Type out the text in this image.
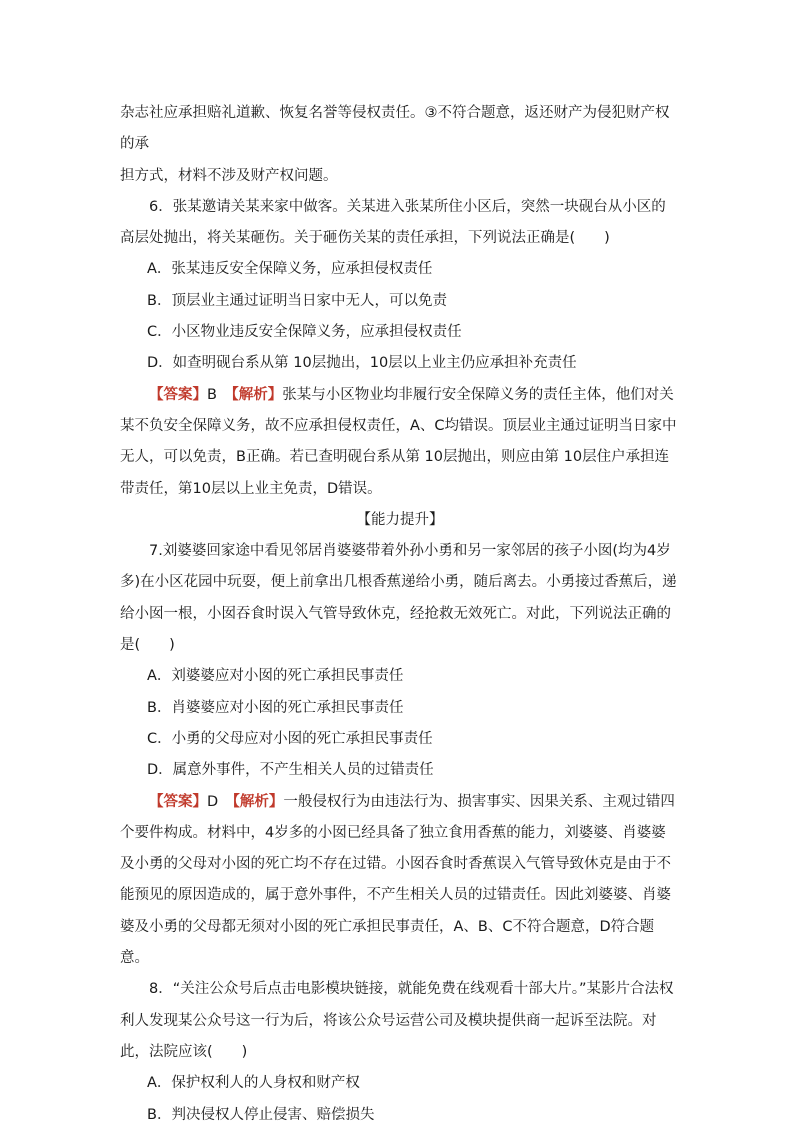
杂志社应承担赔礼道歉、恢复名誉等侵权责任。③不符合题意，返还财产为侵犯财产权的承

担方式，材料不涉及财产权问题。

6．张某邀请关某来家中做客。关某进入张某所住小区后，突然一块砚台从小区的高层处抛出，将关某砸伤。关于砸伤关某的责任承担，下列说法正确是(　　)

A．张某违反安全保障义务，应承担侵权责任

B．顶层业主通过证明当日家中无人，可以免责

C．小区物业违反安全保障义务，应承担侵权责任

D．如查明砚台系从第 10层抛出，10层以上业主仍应承担补充责任

【答案】B　 【解析】张某与小区物业均非履行安全保障义务的责任主体，他们对关某不负安全保障义务，故不应承担侵权责任，A、C均错误。顶层业主通过证明当日家中无人，可以免责，B正确。若已查明砚台系从第 10层抛出，则应由第 10层住户承担连带责任，第10层以上业主免责，D错误。

【能力提升】

7.刘婆婆回家途中看见邻居肖婆婆带着外孙小勇和另一家邻居的孩子小囡(均为4岁多)在小区花园中玩耍，便上前拿出几根香蕉递给小勇，随后离去。小勇接过香蕉后，递给小囡一根，小囡吞食时误入气管导致休克，经抢救无效死亡。对此，下列说法正确的是(　　)

A．刘婆婆应对小囡的死亡承担民事责任

B．肖婆婆应对小囡的死亡承担民事责任

C．小勇的父母应对小囡的死亡承担民事责任

D．属意外事件，不产生相关人员的过错责任

【答案】D　 【解析】一般侵权行为由违法行为、损害事实、因果关系、主观过错四个要件构成。材料中，4岁多的小囡已经具备了独立食用香蕉的能力，刘婆婆、肖婆婆及小勇的父母对小囡的死亡均不存在过错。小囡吞食时香蕉误入气管导致休克是由于不能预见的原因造成的，属于意外事件，不产生相关人员的过错责任。因此刘婆婆、肖婆婆及小勇的父母都无须对小囡的死亡承担民事责任，A、B、C不符合题意，D符合题意。

8．“关注公众号后点击电影模块链接，就能免费在线观看十部大片。”某影片合法权利人发现某公众号这一行为后，将该公众号运营公司及模块提供商一起诉至法院。对此，法院应该(　　)

A．保护权利人的人身权和财产权

B．判决侵权人停止侵害、赔偿损失
